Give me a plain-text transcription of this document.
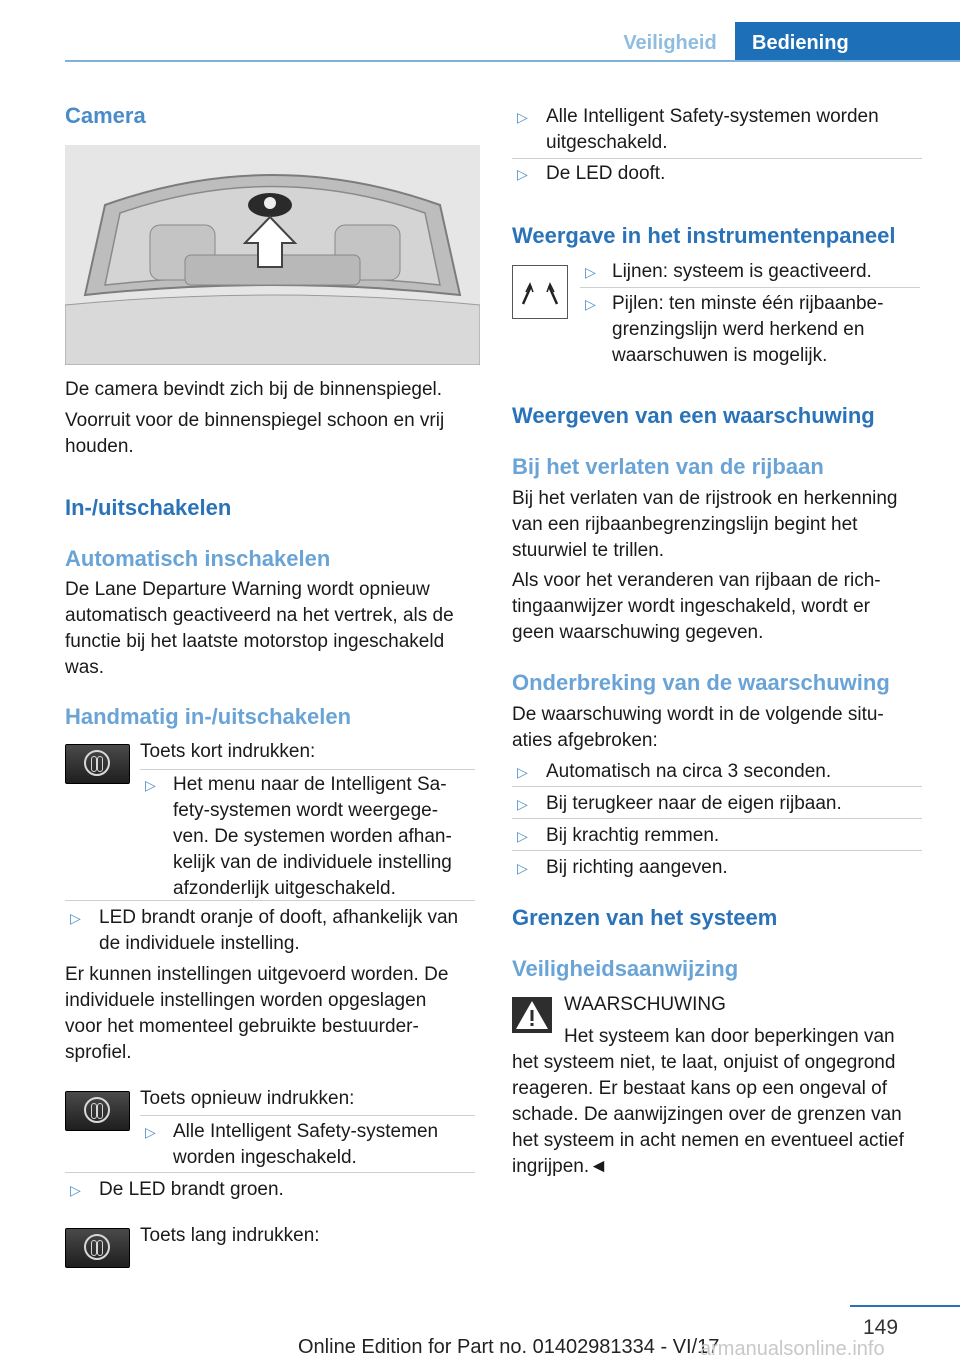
Veiligheid	Bediening
Camera
De camera bevindt zich bij de binnenspiegel.
Voorruit voor de binnenspiegel schoon en vrij
houden.
In-/uitschakelen
Automatisch inschakelen
De Lane Departure Warning wordt opnieuw
automatisch geactiveerd na het vertrek, als de
functie bij het laatste motorstop ingeschakeld
was.
Handmatig in-/uitschakelen
Toets kort indrukken:
▷ Het menu naar de Intelligent Sa-
fety-systemen wordt weergege-
ven. De systemen worden afhan-
kelijk van de individuele instelling
afzonderlijk uitgeschakeld.
▷ LED brandt oranje of dooft, afhankelijk van
de individuele instelling.
Er kunnen instellingen uitgevoerd worden. De
individuele instellingen worden opgeslagen
voor het momenteel gebruikte bestuurder-
sprofiel.
Toets opnieuw indrukken:
▷ Alle Intelligent Safety-systemen
worden ingeschakeld.
▷ De LED brandt groen.
Toets lang indrukken:
▷ Alle Intelligent Safety-systemen worden
uitgeschakeld.
▷ De LED dooft.
Weergave in het instrumentenpaneel
▷ Lijnen: systeem is geactiveerd.
▷ Pijlen: ten minste één rijbaanbe-
grenzingslijn werd herkend en
waarschuwen is mogelijk.
Weergeven van een waarschuwing
Bij het verlaten van de rijbaan
Bij het verlaten van de rijstrook en herkenning
van een rijbaanbegrenzingslijn begint het
stuurwiel te trillen.
Als voor het veranderen van rijbaan de rich-
tingaanwijzer wordt ingeschakeld, wordt er
geen waarschuwing gegeven.
Onderbreking van de waarschuwing
De waarschuwing wordt in de volgende situ-
aties afgebroken:
▷ Automatisch na circa 3 seconden.
▷ Bij terugkeer naar de eigen rijbaan.
▷ Bij krachtig remmen.
▷ Bij richting aangeven.
Grenzen van het systeem
Veiligheidsaanwijzing
WAARSCHUWING
Het systeem kan door beperkingen van
het systeem niet, te laat, onjuist of ongegrond
reageren. Er bestaat kans op een ongeval of
schade. De aanwijzingen over de grenzen van
het systeem in acht nemen en eventueel actief
ingrijpen.◄
149
Online Edition for Part no. 01402981334 - VI/17
armanualsonline.info
